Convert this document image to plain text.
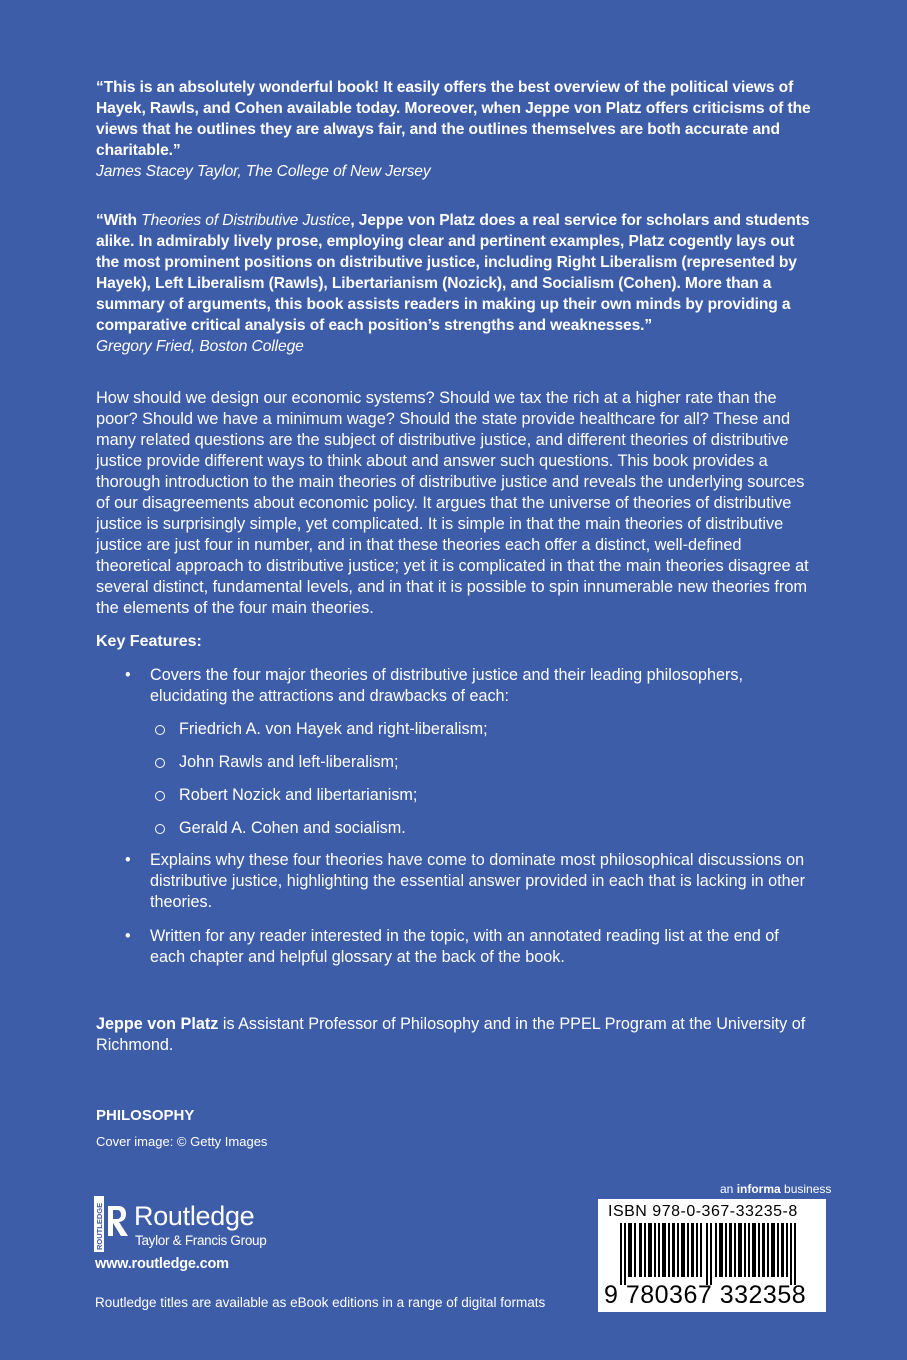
“This is an absolutely wonderful book! It easily offers the best overview of the political views of Hayek, Rawls, and Cohen available today. Moreover, when Jeppe von Platz offers criticisms of the views that he outlines they are always fair, and the outlines themselves are both accurate and charitable.”
James Stacey Taylor, The College of New Jersey
“With Theories of Distributive Justice, Jeppe von Platz does a real service for scholars and students alike. In admirably lively prose, employing clear and pertinent examples, Platz cogently lays out the most prominent positions on distributive justice, including Right Liberalism (represented by Hayek), Left Liberalism (Rawls), Libertarianism (Nozick), and Socialism (Cohen). More than a summary of arguments, this book assists readers in making up their own minds by providing a comparative critical analysis of each position’s strengths and weaknesses.”
Gregory Fried, Boston College
How should we design our economic systems? Should we tax the rich at a higher rate than the poor? Should we have a minimum wage? Should the state provide healthcare for all? These and many related questions are the subject of distributive justice, and different theories of distributive justice provide different ways to think about and answer such questions. This book provides a thorough introduction to the main theories of distributive justice and reveals the underlying sources of our disagreements about economic policy. It argues that the universe of theories of distributive justice is surprisingly simple, yet complicated. It is simple in that the main theories of distributive justice are just four in number, and in that these theories each offer a distinct, well-defined theoretical approach to distributive justice; yet it is complicated in that the main theories disagree at several distinct, fundamental levels, and in that it is possible to spin innumerable new theories from the elements of the four main theories.
Key Features:
•	Covers the four major theories of distributive justice and their leading philosophers, elucidating the attractions and drawbacks of each:
Friedrich A. von Hayek and right-liberalism;
John Rawls and left-liberalism;
Robert Nozick and libertarianism;
Gerald A. Cohen and socialism.
•	Explains why these four theories have come to dominate most philosophical discussions on distributive justice, highlighting the essential answer provided in each that is lacking in other theories.
•	Written for any reader interested in the topic, with an annotated reading list at the end of each chapter and helpful glossary at the back of the book.
Jeppe von Platz is Assistant Professor of Philosophy and in the PPEL Program at the University of Richmond.
PHILOSOPHY
Cover image: © Getty Images
ROUTLEDGE Routledge
Taylor & Francis Group
www.routledge.com
Routledge titles are available as eBook editions in a range of digital formats
an informa business
ISBN 978-0-367-33235-8
9 780367 332358
